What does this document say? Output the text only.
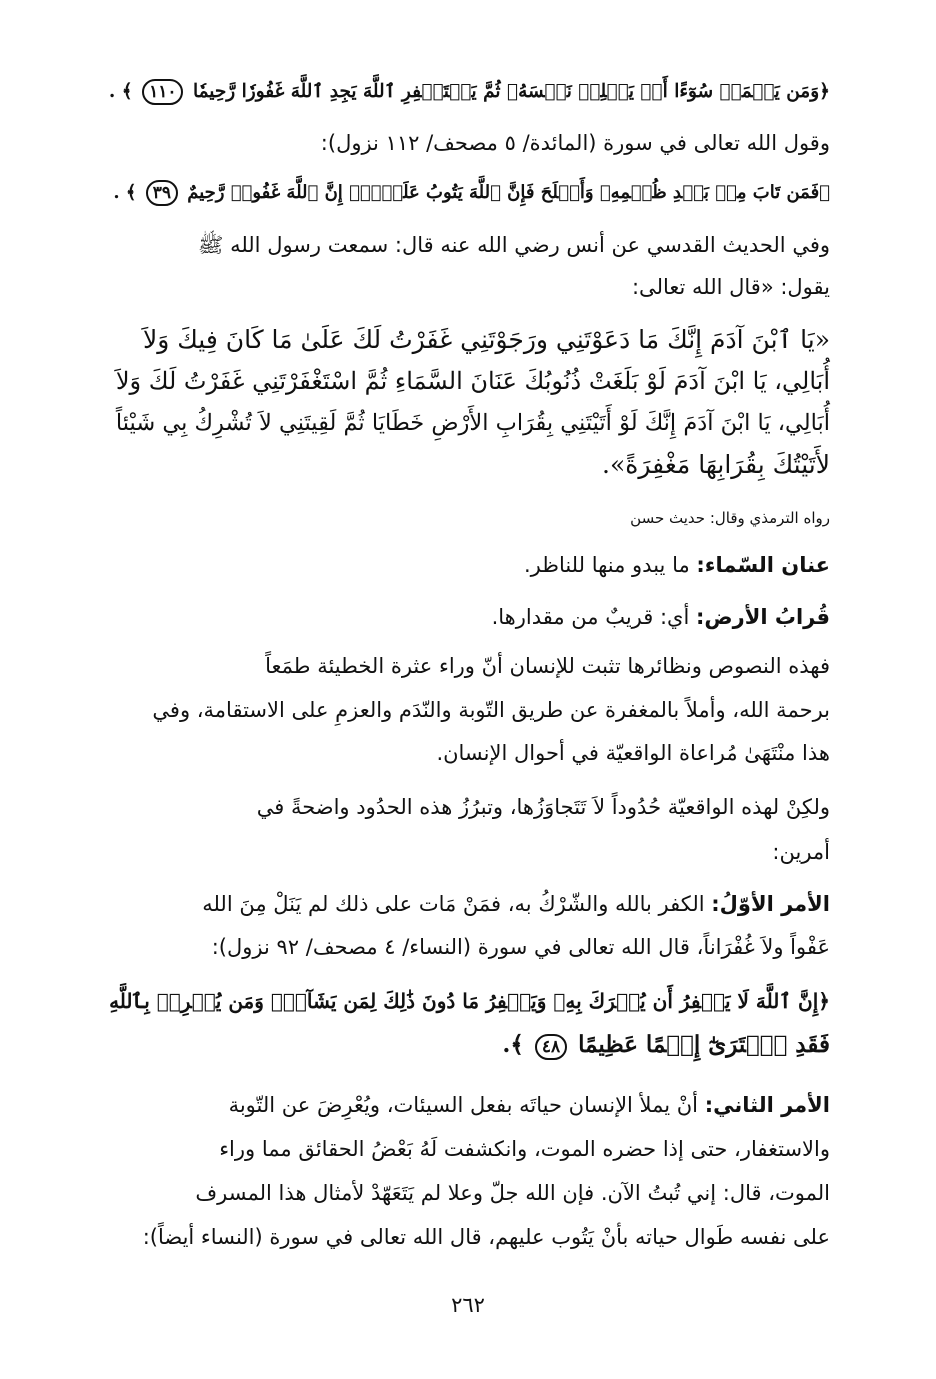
﴿وَمَن يَعۡمَلۡ سُوٓءًا أَوۡ يَظۡلِمۡ نَفۡسَهُۥ ثُمَّ يَسۡتَغۡفِرِ ٱللَّهَ يَجِدِ ٱللَّهَ غَفُورٗا رَّحِيمٗا ١١٠ ﴾ .
وقول الله تعالى في سورة (المائدة/ ٥ مصحف/ ١١٢ نزول):
﴿فَمَن تَابَ مِنۢ بَعۡدِ ظُلۡمِهِۦ وَأَصۡلَحَ فَإِنَّ ٱللَّهَ يَتُوبُ عَلَيۡهِۚ إِنَّ ٱللَّهَ غَفُورٞ رَّحِيمٌ ٣٩ ﴾ .
وفي الحديث القدسي عن أنس رضي الله عنه قال: سمعت رسول الله ﷺ
يقول: «قال الله تعالى:
«يَا ٱبْنَ آدَمَ إِنَّكَ مَا دَعَوْتَنِي ورَجَوْتَنِي غَفَرْتُ لَكَ عَلَىٰ مَا كَانَ فِيكَ وَلاَ
أُبَالِي، يَا ابْنَ آدَمَ لَوْ بَلَغَتْ ذُنُوبُكَ عَنَانَ السَّمَاءِ ثُمَّ اسْتَغْفَرْتَنِي غَفَرْتُ لَكَ وَلاَ
أُبَالِي، يَا ابْنَ آدَمَ إِنَّكَ لَوْ أَتَيْتَنِي بِقُرَابِ الأَرْضِ خَطَايَا ثُمَّ لَقِيتَنِي لاَ تُشْرِكُ بِي شَيْئاً
لأَتَيْتُكَ بِقُرَابِهَا مَغْفِرَةً».
رواه الترمذي وقال: حديث حسن
عنان السّماء: ما يبدو منها للناظر.
قُرابُ الأرض: أي: قريبٌ من مقدارها.
فهذه النصوص ونظائرها تثبت للإنسان أنّ وراء عثرة الخطيئة طمَعاً
برحمة الله، وأملاً بالمغفرة عن طريق التّوبة والنّدَم والعزمِ على الاستقامة، وفي
هذا منْتَهَىٰ مُراعاة الواقعيّة في أحوال الإنسان.
ولكِنْ لهذه الواقعيّة حُدُوداً لاَ تَتَجاوَزُها، وتبرُزُ هذه الحدُود واضحةً في
أمرين:
الأمر الأوّلُ: الكفر بالله والشّرْكُ به، فمَنْ مَات على ذلك لم يَنَلْ مِنَ الله
عَفْواً ولاَ غُفْرَاناً، قال الله تعالى في سورة (النساء/ ٤ مصحف/ ٩٢ نزول):
﴿إِنَّ ٱللَّهَ لَا يَغۡفِرُ أَن يُشۡرَكَ بِهِۦ وَيَغۡفِرُ مَا دُونَ ذَٰلِكَ لِمَن يَشَآءُۚ وَمَن يُشۡرِكۡ بِٱللَّهِ
فَقَدِ ٱفۡتَرَىٰٓ إِثۡمًا عَظِيمًا ٤٨ ﴾.
الأمر الثاني: أنْ يملأ الإنسان حياتَه بفعل السيئات، ويُعْرِضَ عن التّوبة
والاستغفار، حتى إذا حضره الموت، وانكشفت لَهُ بَعْضُ الحقائق مما وراء
الموت، قال: إني تُبتُ الآن. فإن الله جلّ وعلا لم يَتَعَهّدْ لأمثال هذا المسرف
على نفسه طَوال حياته بأنْ يَتُوب عليهم، قال الله تعالى في سورة (النساء أيضاً):
٢٦٢
